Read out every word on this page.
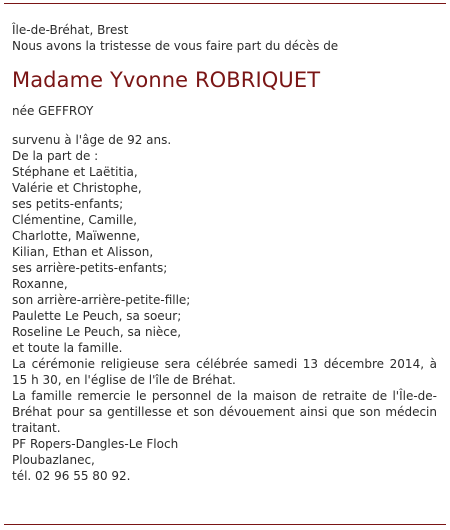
Île-de-Bréhat, Brest
Nous avons la tristesse de vous faire part du décès de
Madame Yvonne ROBRIQUET
née GEFFROY
survenu à l'âge de 92 ans.
De la part de :
Stéphane et Laëtitia,
Valérie et Christophe,
ses petits-enfants;
Clémentine, Camille,
Charlotte, Maïwenne,
Kilian, Ethan et Alisson,
ses arrière-petits-enfants;
Roxanne,
son arrière-arrière-petite-fille;
Paulette Le Peuch, sa soeur;
Roseline Le Peuch, sa nièce,
et toute la famille.
La cérémonie religieuse sera célébrée samedi 13 décembre 2014, à 15 h 30, en l'église de l'île de Bréhat.
La famille remercie le personnel de la maison de retraite de l'Île-de-Bréhat pour sa gentillesse et son dévouement ainsi que son médecin traitant.
PF Ropers-Dangles-Le Floch
Ploubazlanec,
tél. 02 96 55 80 92.
